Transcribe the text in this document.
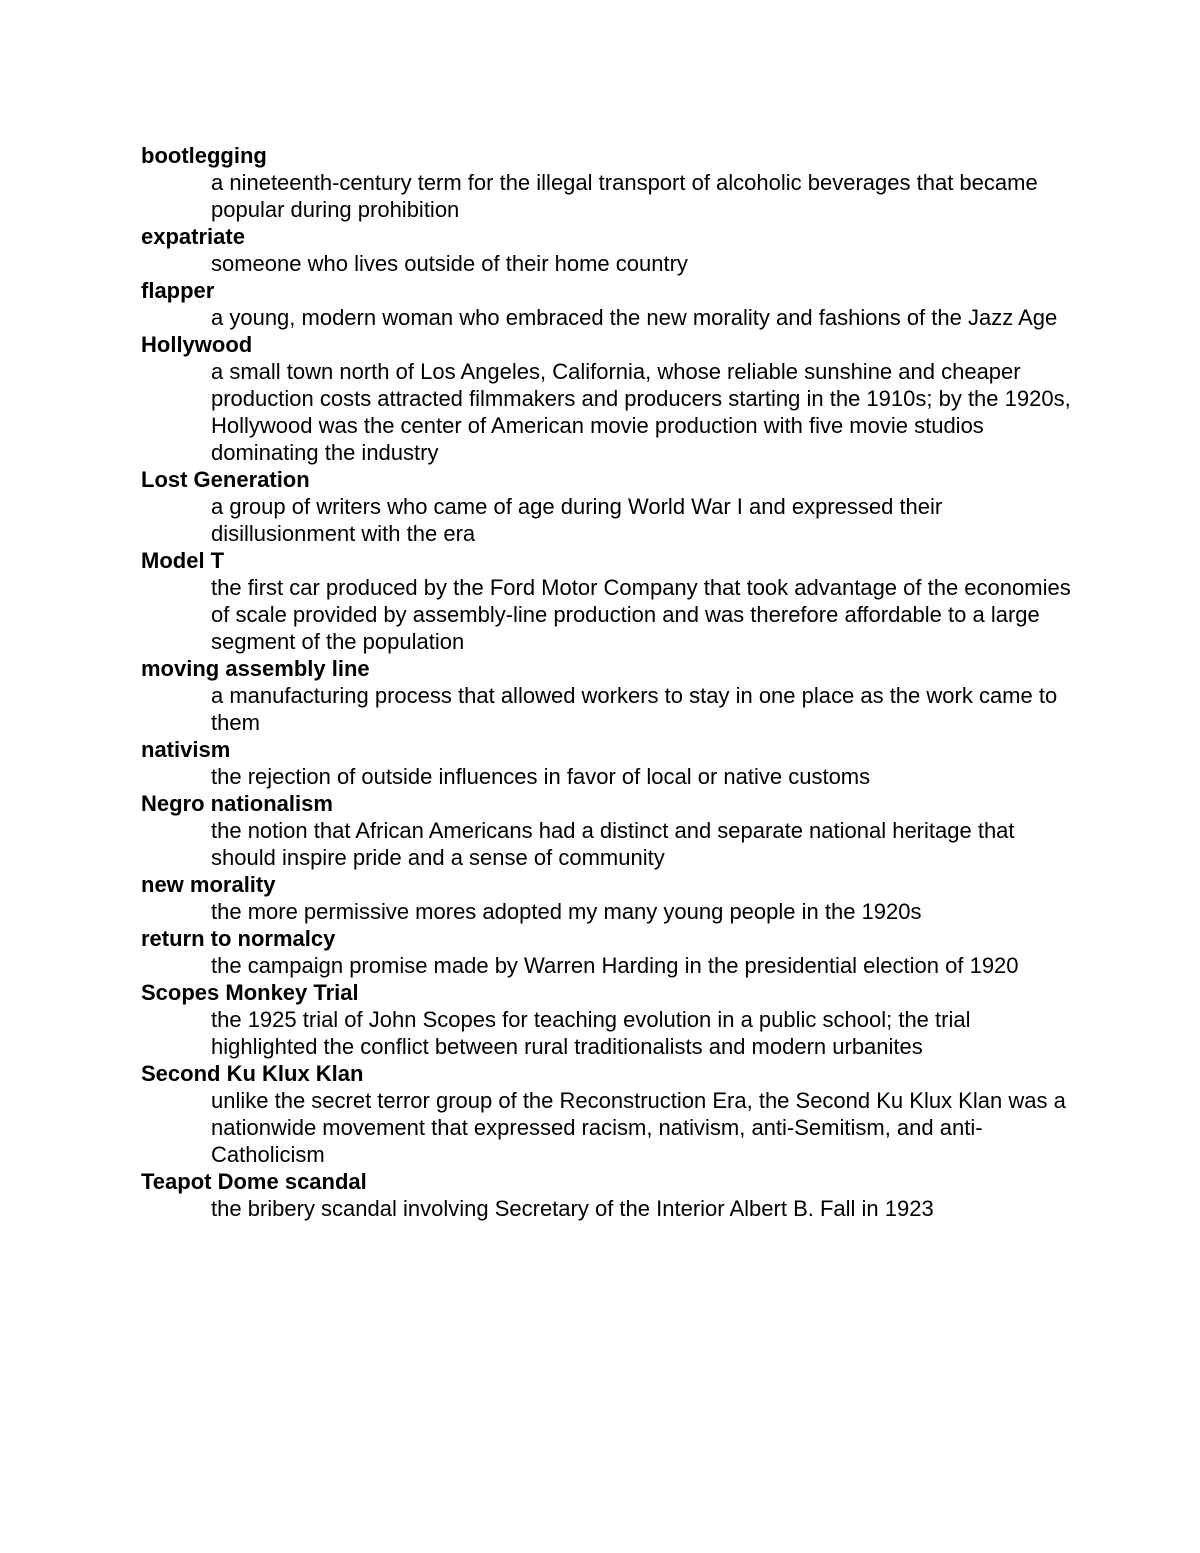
bootlegging
a nineteenth-century term for the illegal transport of alcoholic beverages that became popular during prohibition
expatriate
someone who lives outside of their home country
flapper
a young, modern woman who embraced the new morality and fashions of the Jazz Age
Hollywood
a small town north of Los Angeles, California, whose reliable sunshine and cheaper production costs attracted filmmakers and producers starting in the 1910s; by the 1920s, Hollywood was the center of American movie production with five movie studios dominating the industry
Lost Generation
a group of writers who came of age during World War I and expressed their disillusionment with the era
Model T
the first car produced by the Ford Motor Company that took advantage of the economies of scale provided by assembly-line production and was therefore affordable to a large segment of the population
moving assembly line
a manufacturing process that allowed workers to stay in one place as the work came to them
nativism
the rejection of outside influences in favor of local or native customs
Negro nationalism
the notion that African Americans had a distinct and separate national heritage that should inspire pride and a sense of community
new morality
the more permissive mores adopted my many young people in the 1920s
return to normalcy
the campaign promise made by Warren Harding in the presidential election of 1920
Scopes Monkey Trial
the 1925 trial of John Scopes for teaching evolution in a public school; the trial highlighted the conflict between rural traditionalists and modern urbanites
Second Ku Klux Klan
unlike the secret terror group of the Reconstruction Era, the Second Ku Klux Klan was a nationwide movement that expressed racism, nativism, anti-Semitism, and anti-Catholicism
Teapot Dome scandal
the bribery scandal involving Secretary of the Interior Albert B. Fall in 1923
